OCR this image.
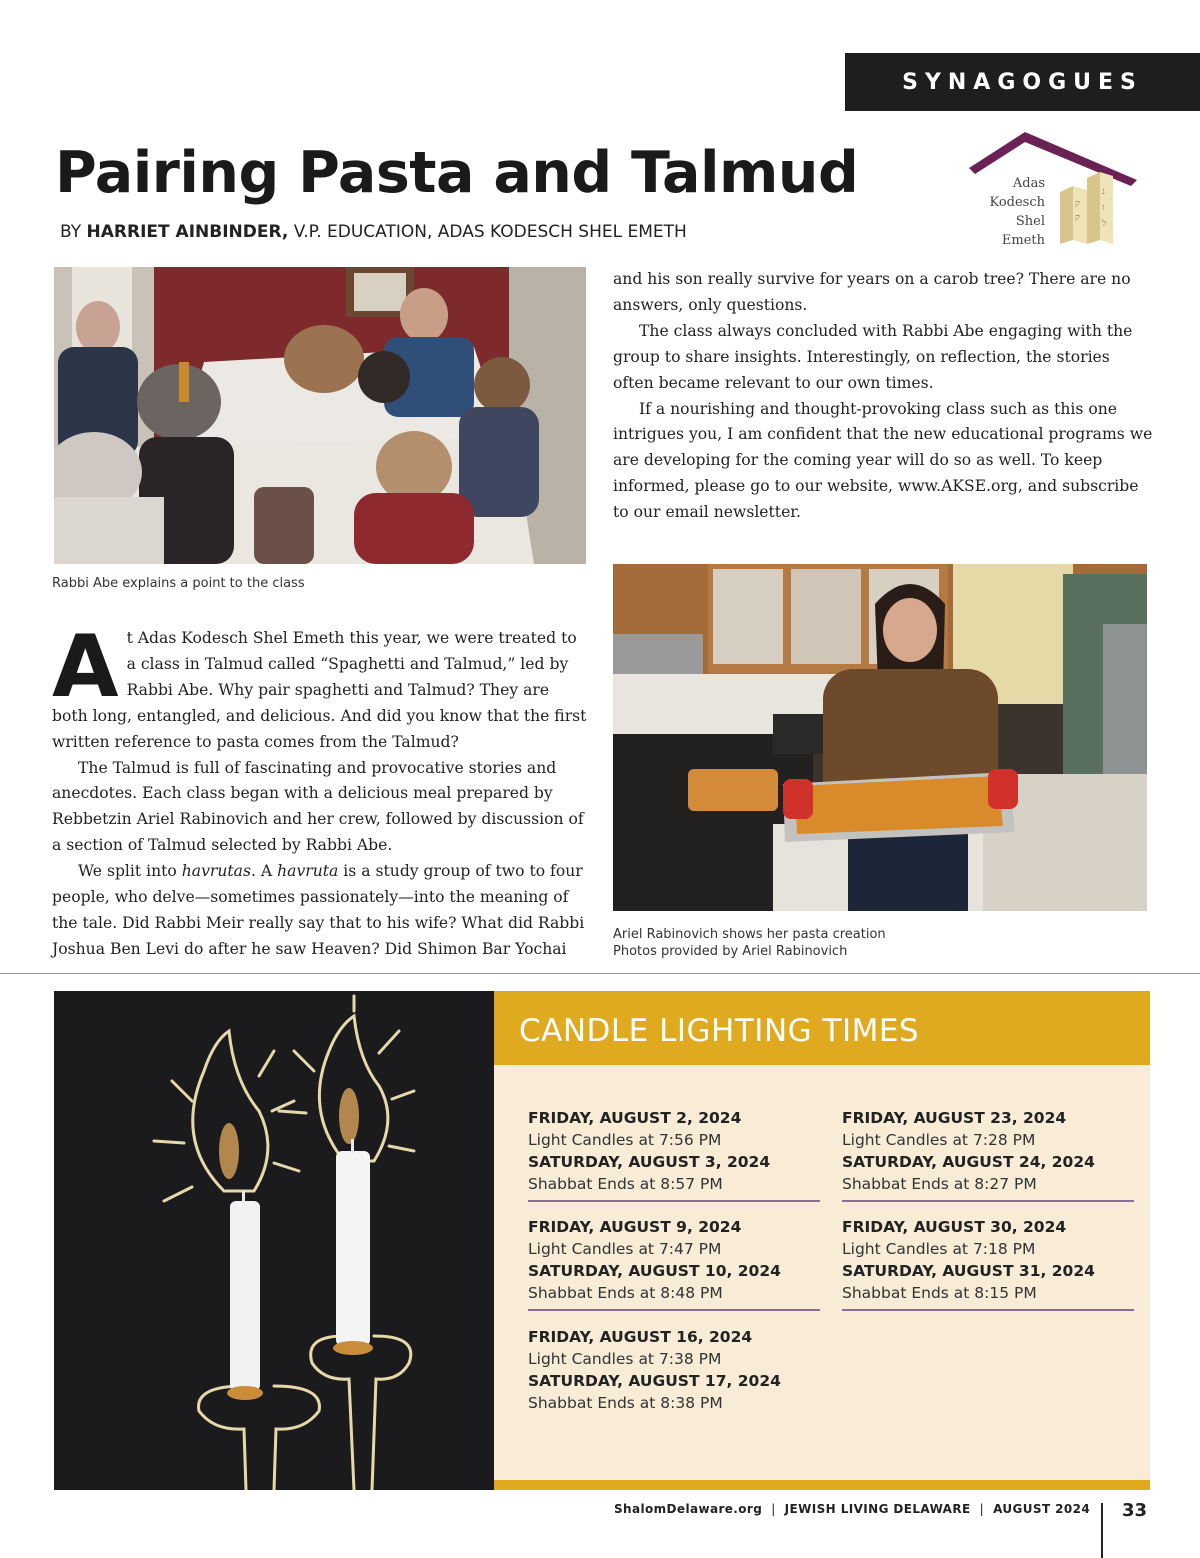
SYNAGOGUES
Pairing Pasta and Talmud
BY HARRIET AINBINDER, V.P. EDUCATION, ADAS KODESCH SHEL EMETH
ק
ק
נ
ז
ל
Adas
Kodesch
Shel
Emeth
Rabbi Abe explains a point to the class

At Adas Kodesch Shel Emeth this year, we were treated to a class in Talmud called “Spaghetti and Talmud,” led by Rabbi Abe. Why pair spaghetti and Talmud? They are both long, entangled, and delicious. And did you know that the first written reference to pasta comes from the Talmud?

The Talmud is full of fascinating and provocative stories and anecdotes. Each class began with a delicious meal prepared by Rebbetzin Ariel Rabinovich and her crew, followed by discussion of a section of Talmud selected by Rabbi Abe.

We split into havrutas. A havruta is a study group of two to four people, who delve—sometimes passionately—into the meaning of the tale. Did Rabbi Meir really say that to his wife? What did Rabbi Joshua Ben Levi do after he saw Heaven? Did Shimon Bar Yochai

and his son really survive for years on a carob tree? There are no answers, only questions.

The class always concluded with Rabbi Abe engaging with the group to share insights. Interestingly, on reflection, the stories often became relevant to our own times.

If a nourishing and thought-provoking class such as this one intrigues you, I am confident that the new educational programs we are developing for the coming year will do so as well. To keep informed, please go to our website, www.AKSE.org, and subscribe to our email newsletter.

Ariel Rabinovich shows her pasta creation
Photos provided by Ariel Rabinovich
CANDLE LIGHTING TIMES
FRIDAY, AUGUST 2, 2024
Light Candles at 7:56 PM
SATURDAY, AUGUST 3, 2024
Shabbat Ends at 8:57 PM
FRIDAY, AUGUST 9, 2024
Light Candles at 7:47 PM
SATURDAY, AUGUST 10, 2024
Shabbat Ends at 8:48 PM
FRIDAY, AUGUST 16, 2024
Light Candles at 7:38 PM
SATURDAY, AUGUST 17, 2024
Shabbat Ends at 8:38 PM
FRIDAY, AUGUST 23, 2024
Light Candles at 7:28 PM
SATURDAY, AUGUST 24, 2024
Shabbat Ends at 8:27 PM
FRIDAY, AUGUST 30, 2024
Light Candles at 7:18 PM
SATURDAY, AUGUST 31, 2024
Shabbat Ends at 8:15 PM
ShalomDelaware.org | JEWISH LIVING DELAWARE | AUGUST 2024 33
